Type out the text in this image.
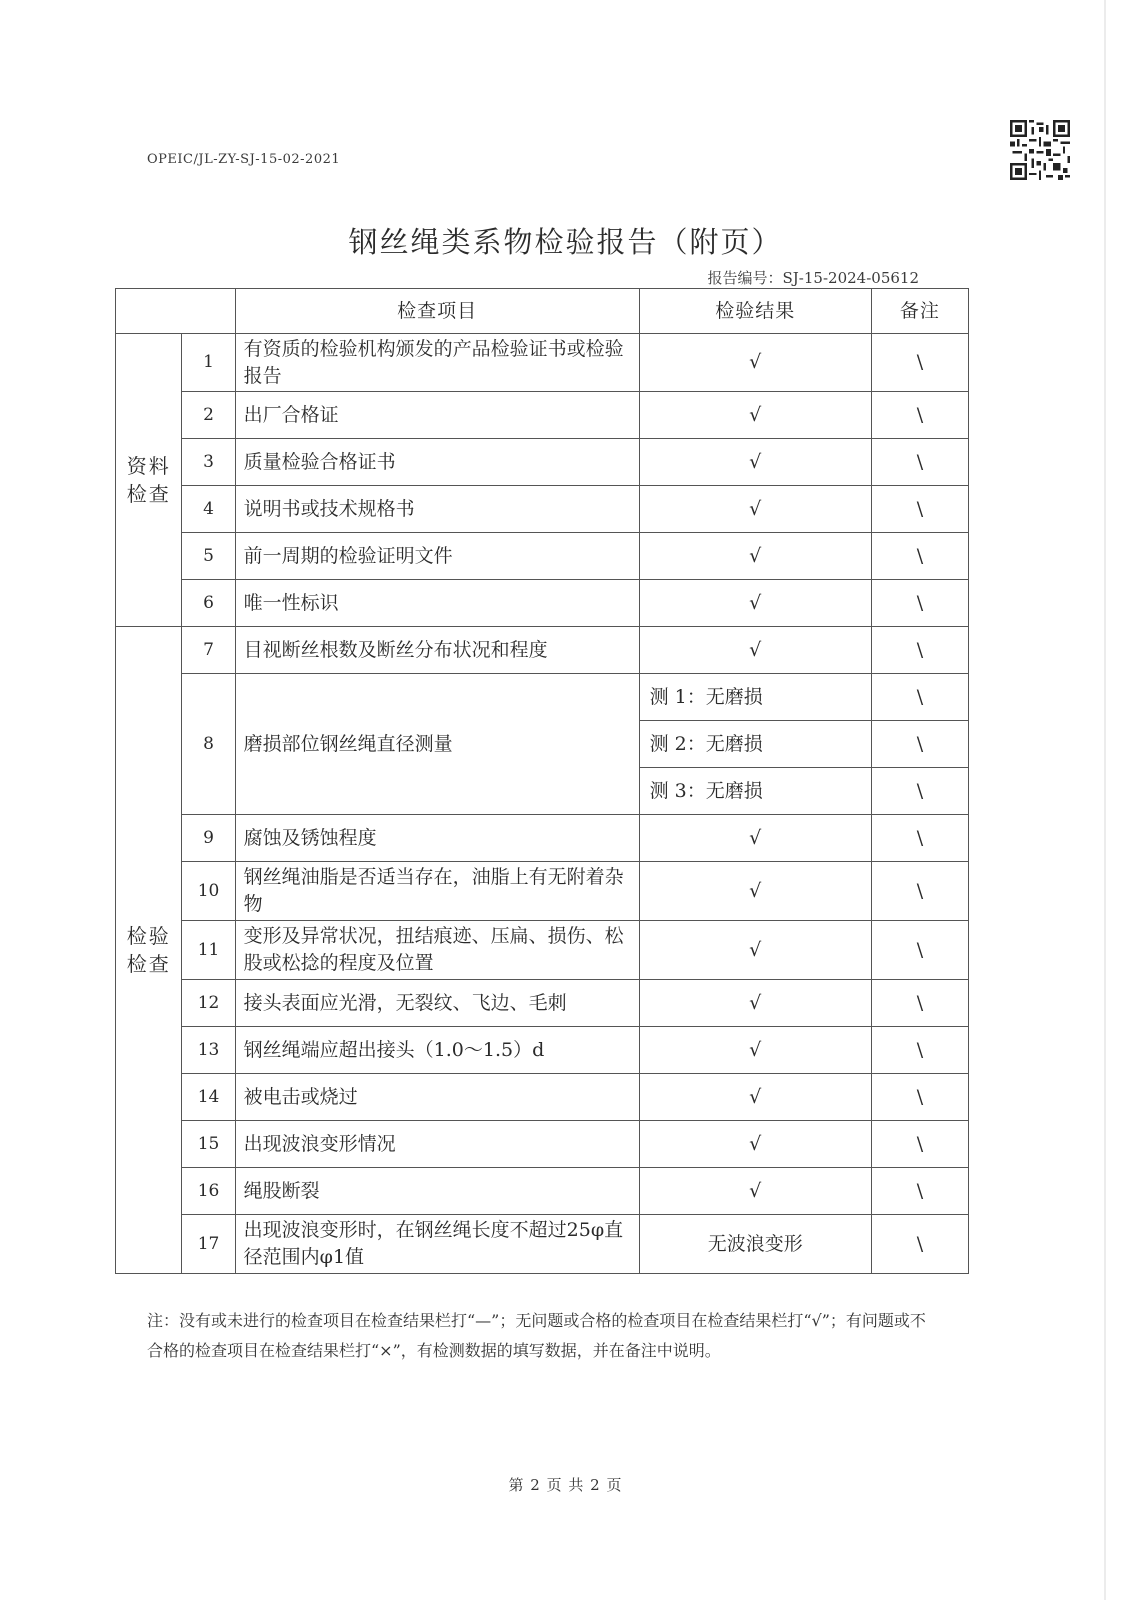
OPEIC/JL-ZY-SJ-15-02-2021
钢丝绳类系物检验报告（附页）
报告编号：SJ-15-2024-05612
		检查项目	检验结果	备注
资料检查	1	有资质的检验机构颁发的产品检验证书或检验报告	√	\
	2	出厂合格证	√	\
	3	质量检验合格证书	√	\
	4	说明书或技术规格书	√	\
	5	前一周期的检验证明文件	√	\
	6	唯一性标识	√	\
检验检查	7	目视断丝根数及断丝分布状况和程度	√	\
	8	磨损部位钢丝绳直径测量	测 1：无磨损	\
			测 2：无磨损	\
			测 3：无磨损	\
	9	腐蚀及锈蚀程度	√	\
	10	钢丝绳油脂是否适当存在，油脂上有无附着杂物	√	\
	11	变形及异常状况，扭结痕迹、压扁、损伤、松股或松捻的程度及位置	√	\
	12	接头表面应光滑，无裂纹、飞边、毛刺	√	\
	13	钢丝绳端应超出接头（1.0～1.5）d	√	\
	14	被电击或烧过	√	\
	15	出现波浪变形情况	√	\
	16	绳股断裂	√	\
	17	出现波浪变形时，在钢丝绳长度不超过25φ直径范围内φ1值	无波浪变形	\
注：没有或未进行的检查项目在检查结果栏打“—”；无问题或合格的检查项目在检查结果栏打“√”；有问题或不合格的检查项目在检查结果栏打“×”，有检测数据的填写数据，并在备注中说明。
第 2 页 共 2 页
